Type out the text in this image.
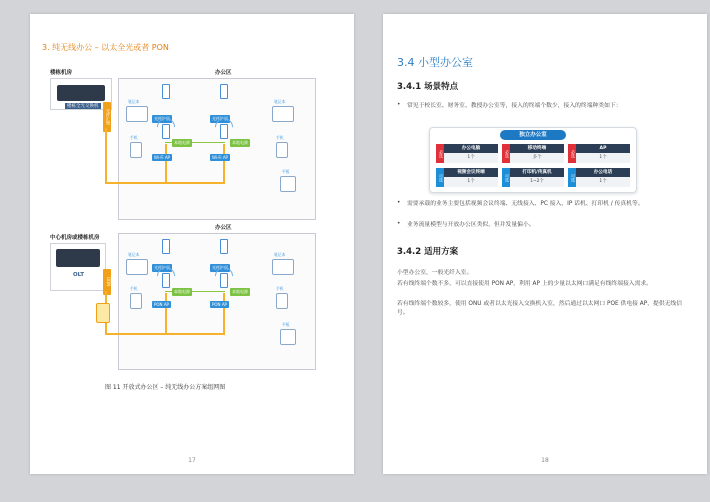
3. 纯无线办公 – 以太全光或者 PON
楼栋机房	办公区
楼栋全光交换机
光纤汇聚	光纤扩展	光纤扩展
本地电源	本地电源
Wi-Fi AP	Wi-Fi AP
笔记本	笔记本
手机	手机
平板
中心机房或楼栋机房
办公区
OLT
ODN
光纤扩展	光纤扩展
本地电源	本地电源
PON AP	PON AP
笔记本	笔记本
手机	手机
平板
图 11 开放式办公区 – 纯无线办公方案组网图
17
3.4 小型办公室
3.4.1 场景特点
• 常见于校长室、财务室、教授办公室等，接入的终端个数少，接入的终端种类如下：
独立办公室
必选
办公电脑
1个	必选
移动终端
多个	必选
AP
1个
可选
视频会议终端
1个	可选
打印机/传真机
1~2个	可选
办公电话
1个
• 需要承载的业务主要包括视频会议终端、无线接入、PC 接入、IP 话机、打印机 / 传真机等。
• 业务流量模型与开放办公区类似，但并发量偏小。
3.4.2 适用方案
小型办公室，一般光纤入室。
若有线终端个数不多，可以直接使用 PON AP，利用 AP 上的少量以太网口满足有线终端接入需求。
若有线终端个数较多，使用 ONU 或者以太光接入交换机入室，然后通过以太网口 POE 供电接 AP，提供无线信号。
18
